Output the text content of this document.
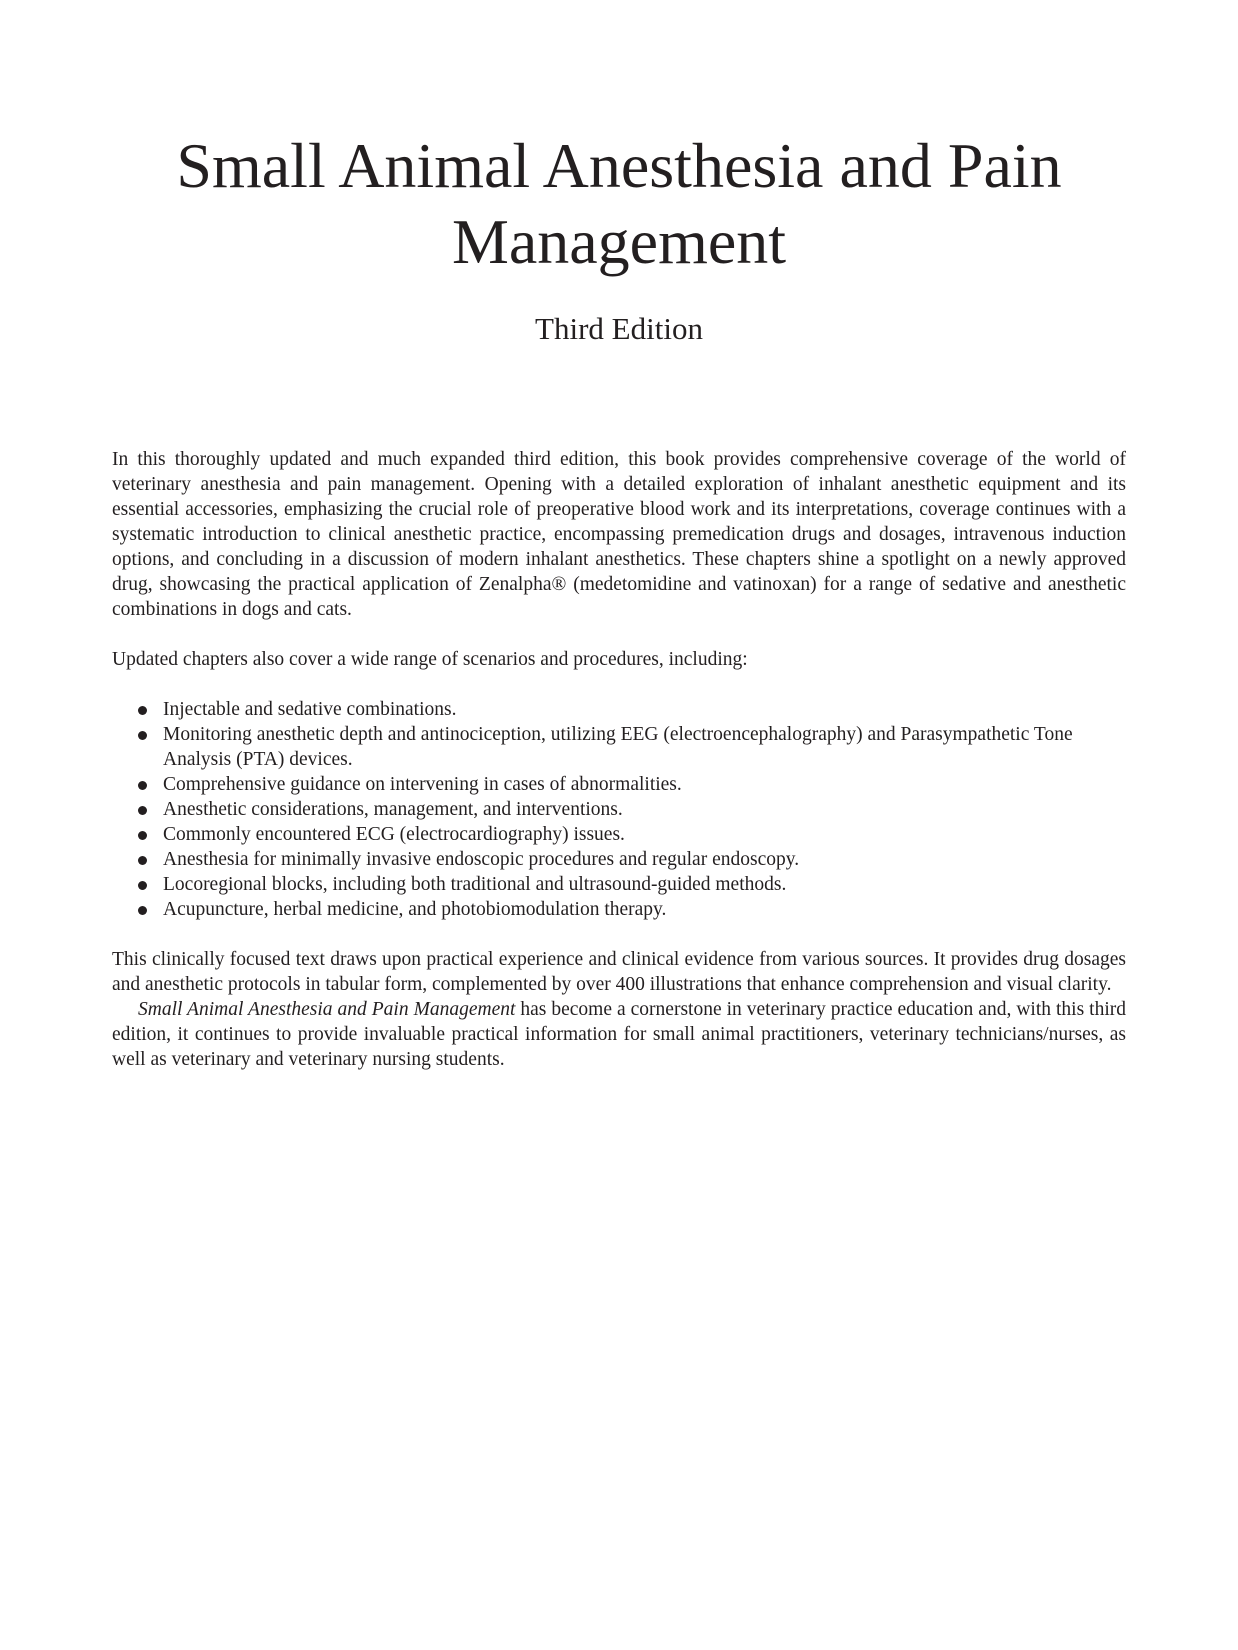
Small Animal Anesthesia and Pain
Management
Third Edition

In this thoroughly updated and much expanded third edition, this book provides comprehensive coverage of the world of veterinary anesthesia and pain management. Opening with a detailed exploration of inhalant anesthetic equipment and its essential accessories, emphasizing the crucial role of preoperative blood work and its interpretations, coverage continues with a systematic introduction to clinical anesthetic practice, encompassing premedication drugs and dosages, intravenous induction options, and concluding in a discussion of modern inhalant anesthetics. These chapters shine a spotlight on a newly approved drug, showcasing the practical application of Zenalpha® (medetomidine and vatinoxan) for a range of sedative and anesthetic combinations in dogs and cats.

Updated chapters also cover a wide range of scenarios and procedures, including:

Injectable and sedative combinations.
Monitoring anesthetic depth and antinociception, utilizing EEG (electroencephalography) and Parasympathetic Tone Analysis (PTA) devices.
Comprehensive guidance on intervening in cases of abnormalities.
Anesthetic considerations, management, and interventions.
Commonly encountered ECG (electrocardiography) issues.
Anesthesia for minimally invasive endoscopic procedures and regular endoscopy.
Locoregional blocks, including both traditional and ultrasound-guided methods.
Acupuncture, herbal medicine, and photobiomodulation therapy.

This clinically focused text draws upon practical experience and clinical evidence from various sources. It provides drug dosages and anesthetic protocols in tabular form, complemented by over 400 illustrations that enhance comprehension and visual clarity.

Small Animal Anesthesia and Pain Management has become a cornerstone in veterinary practice education and, with this third edition, it continues to provide invaluable practical information for small animal practitioners, veterinary technicians/nurses, as well as veterinary and veterinary nursing students.
